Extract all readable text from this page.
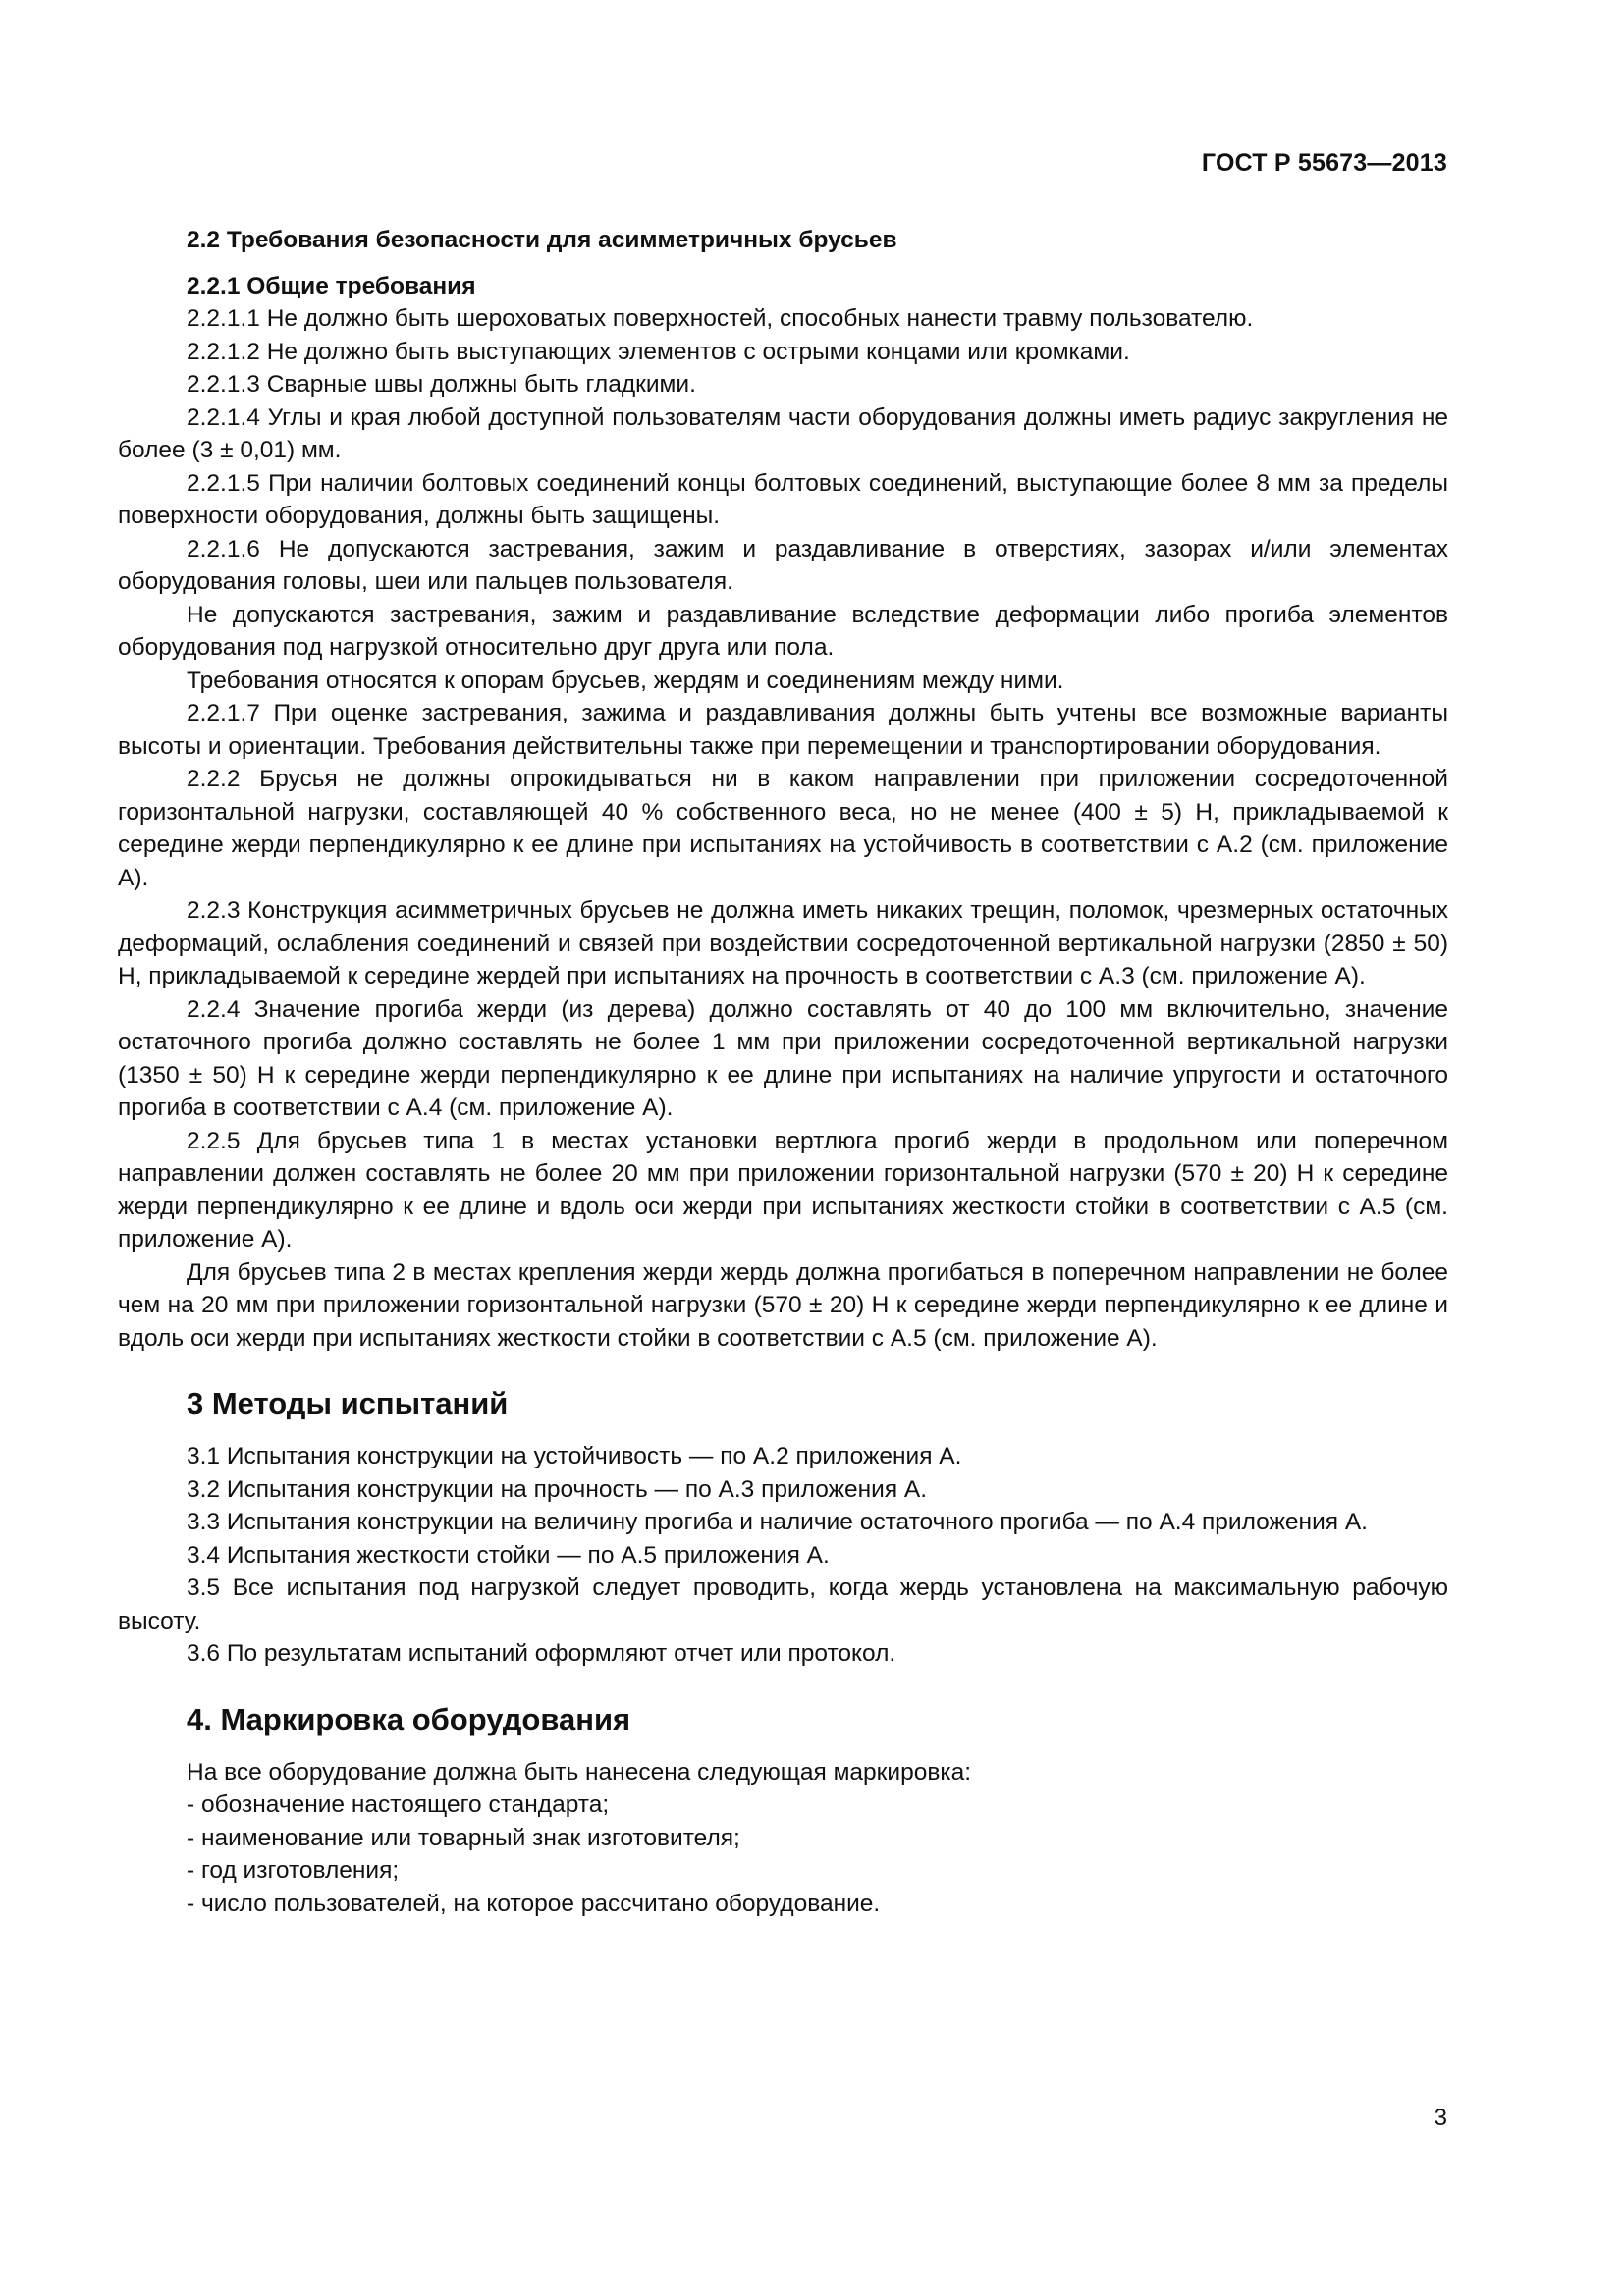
ГОСТ Р 55673—2013
2.2 Требования безопасности для асимметричных брусьев
2.2.1 Общие требования

2.2.1.1 Не должно быть шероховатых поверхностей, способных нанести травму пользователю.

2.2.1.2 Не должно быть выступающих элементов с острыми концами или кромками.

2.2.1.3 Сварные швы должны быть гладкими.

2.2.1.4 Углы и края любой доступной пользователям части оборудования должны иметь радиус закругления не более (3 ± 0,01) мм.

2.2.1.5 При наличии болтовых соединений концы болтовых соединений, выступающие более 8 мм за пределы поверхности оборудования, должны быть защищены.

2.2.1.6 Не допускаются застревания, зажим и раздавливание в отверстиях, зазорах и/или элементах оборудования головы, шеи или пальцев пользователя.

Не допускаются застревания, зажим и раздавливание вследствие деформации либо прогиба элементов оборудования под нагрузкой относительно друг друга или пола.

Требования относятся к опорам брусьев, жердям и соединениям между ними.

2.2.1.7 При оценке застревания, зажима и раздавливания должны быть учтены все возможные варианты высоты и ориентации. Требования действительны также при перемещении и транспортировании оборудования.

2.2.2 Брусья не должны опрокидываться ни в каком направлении при приложении сосредоточенной горизонтальной нагрузки, составляющей 40 % собственного веса, но не менее (400 ± 5) Н, прикладываемой к середине жерди перпендикулярно к ее длине при испытаниях на устойчивость в соответствии с А.2 (см. приложение А).

2.2.3 Конструкция асимметричных брусьев не должна иметь никаких трещин, поломок, чрезмерных остаточных деформаций, ослабления соединений и связей при воздействии сосредоточенной вертикальной нагрузки (2850 ± 50) Н, прикладываемой к середине жердей при испытаниях на прочность в соответствии с А.3 (см. приложение А).

2.2.4 Значение прогиба жерди (из дерева) должно составлять от 40 до 100 мм включительно, значение остаточного прогиба должно составлять не более 1 мм при приложении сосредоточенной вертикальной нагрузки (1350 ± 50) Н к середине жерди перпендикулярно к ее длине при испытаниях на наличие упругости и остаточного прогиба в соответствии с А.4 (см. приложение А).

2.2.5 Для брусьев типа 1 в местах установки вертлюга прогиб жерди в продольном или поперечном направлении должен составлять не более 20 мм при приложении горизонтальной нагрузки (570 ± 20) Н к середине жерди перпендикулярно к ее длине и вдоль оси жерди при испытаниях жесткости стойки в соответствии с А.5 (см. приложение А).

Для брусьев типа 2 в местах крепления жерди жердь должна прогибаться в поперечном направлении не более чем на 20 мм при приложении горизонтальной нагрузки (570 ± 20) Н к середине жерди перпендикулярно к ее длине и вдоль оси жерди при испытаниях жесткости стойки в соответствии с А.5 (см. приложение А).

3 Методы испытаний

3.1 Испытания конструкции на устойчивость — по А.2 приложения А.

3.2 Испытания конструкции на прочность — по А.3 приложения А.

3.3 Испытания конструкции на величину прогиба и наличие остаточного прогиба — по А.4 приложения А.

3.4 Испытания жесткости стойки — по А.5 приложения А.

3.5 Все испытания под нагрузкой следует проводить, когда жердь установлена на максимальную рабочую высоту.

3.6 По результатам испытаний оформляют отчет или протокол.

4. Маркировка оборудования
На все оборудование должна быть нанесена следующая маркировка:
- обозначение настоящего стандарта;
- наименование или товарный знак изготовителя;
- год изготовления;
- число пользователей, на которое рассчитано оборудование.
3
